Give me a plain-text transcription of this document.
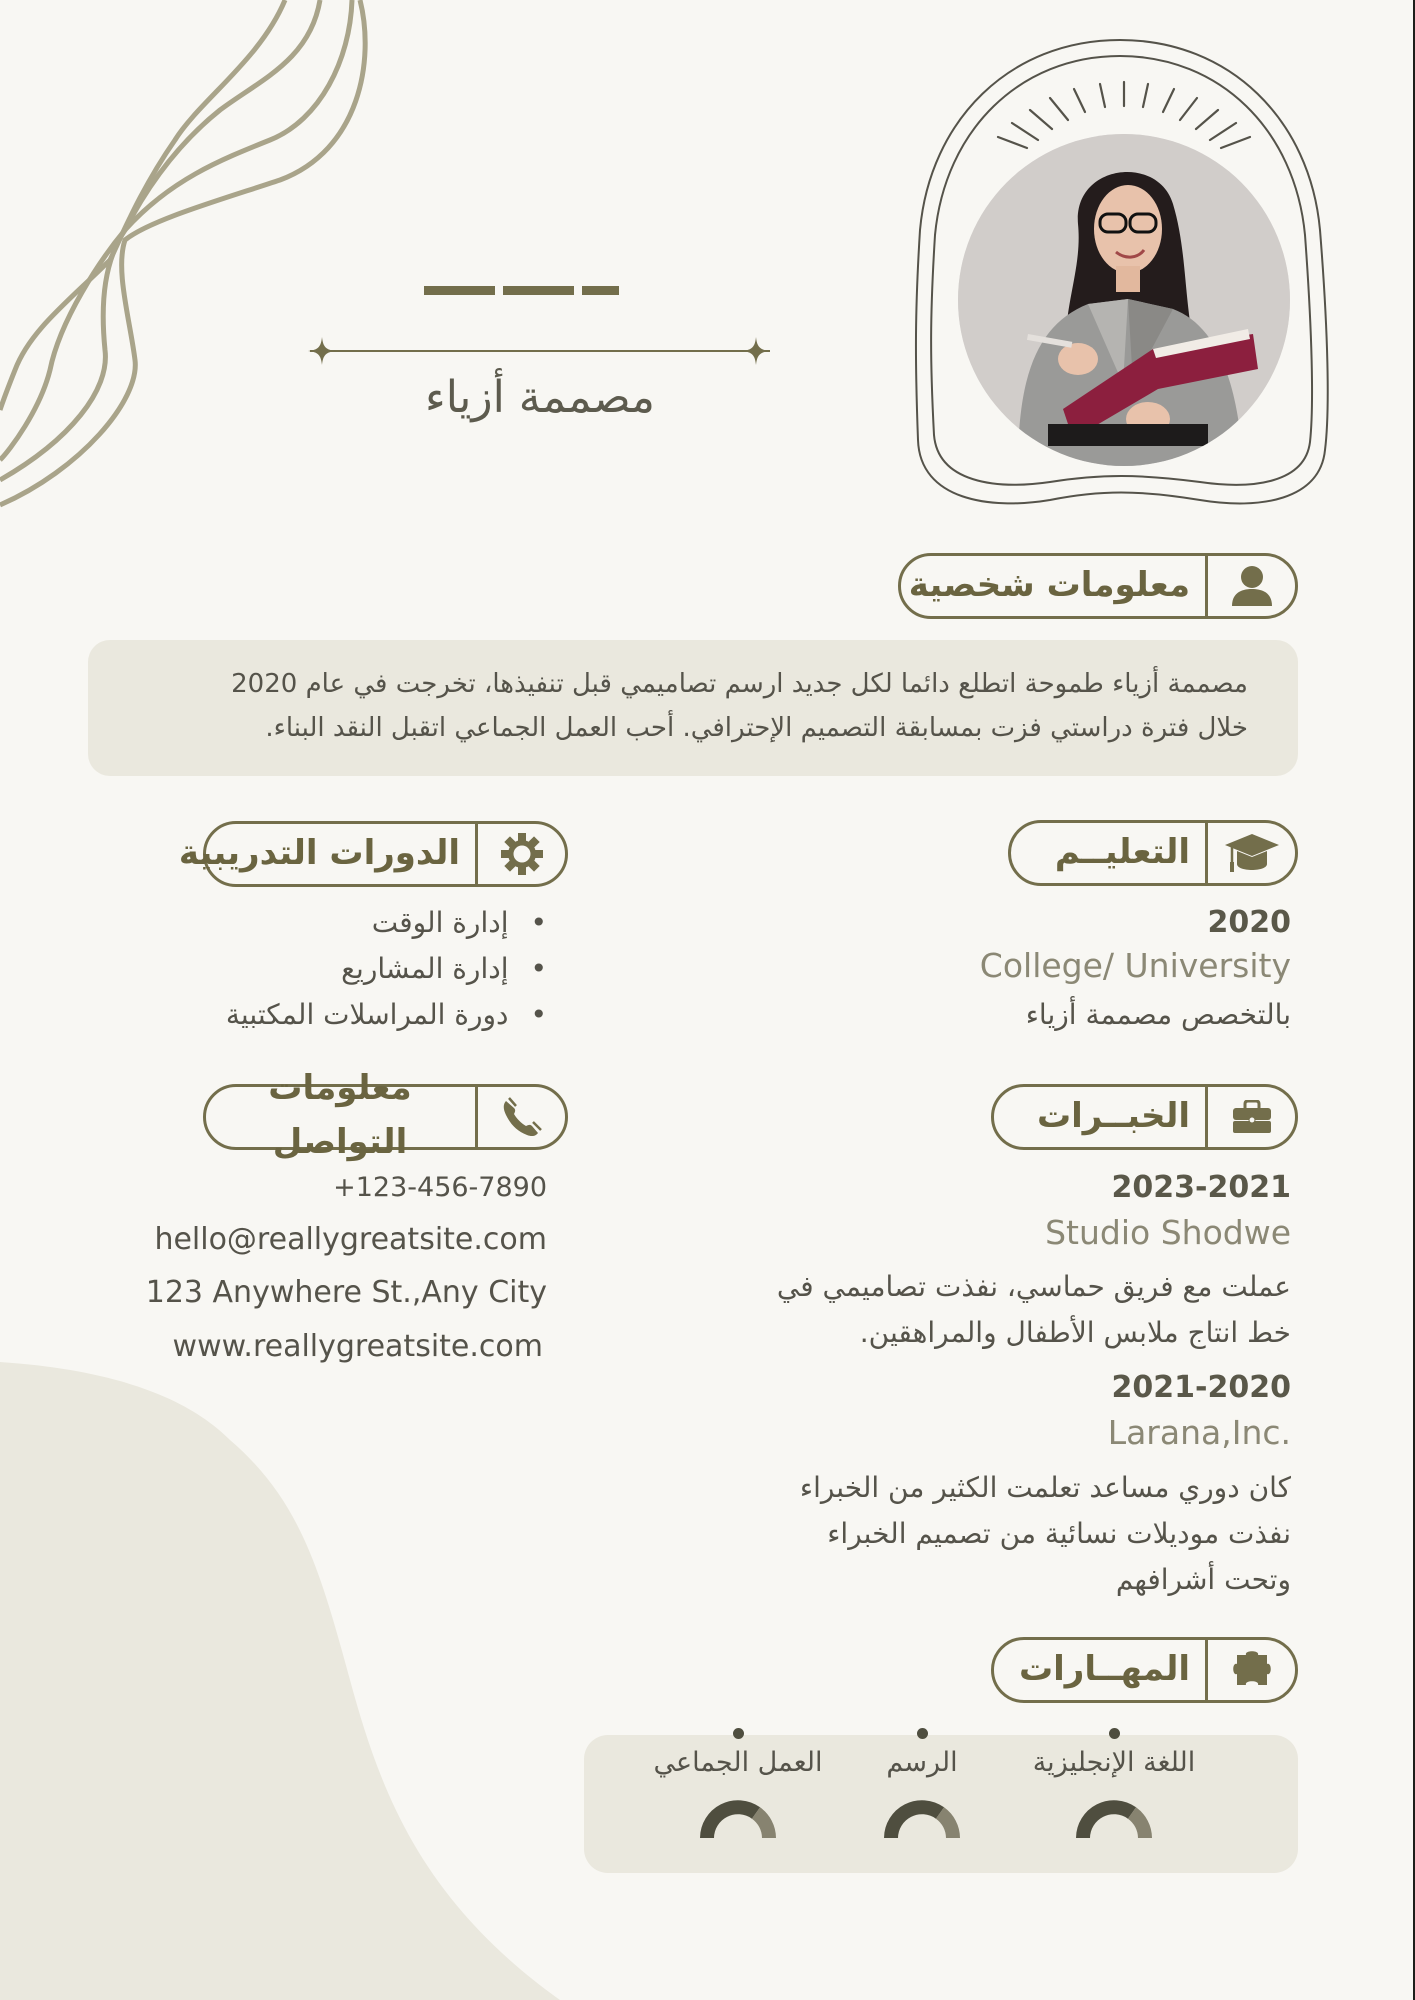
مصممة أزياء
معلومات شخصية
مصممة أزياء طموحة اتطلع دائما لكل جديد ارسم تصاميمي قبل تنفيذها، تخرجت في عام 2020
خلال فترة دراستي فزت بمسابقة التصميم الإحترافي. أحب العمل الجماعي اتقبل النقد البناء.
التعليــم
2020
College/ University
بالتخصص مصممة أزياء
الدورات التدريبية
• إدارة الوقت
• إدارة المشاريع
• دورة المراسلات المكتبية
الخبــرات
2023-2021
Studio Shodwe
عملت مع فريق حماسي، نفذت تصاميمي في
خط انتاج ملابس الأطفال والمراهقين.
2021-2020
Larana,Inc.
كان دوري مساعد تعلمت الكثير من الخبراء
نفذت موديلات نسائية من تصميم الخبراء
وتحت أشرافهم
معلومات التواصل
+123-456-7890
hello@reallygreatsite.com
123 Anywhere St.,Any City
www.reallygreatsite.com
المهــارات
اللغة الإنجليزية
الرسم
العمل الجماعي
